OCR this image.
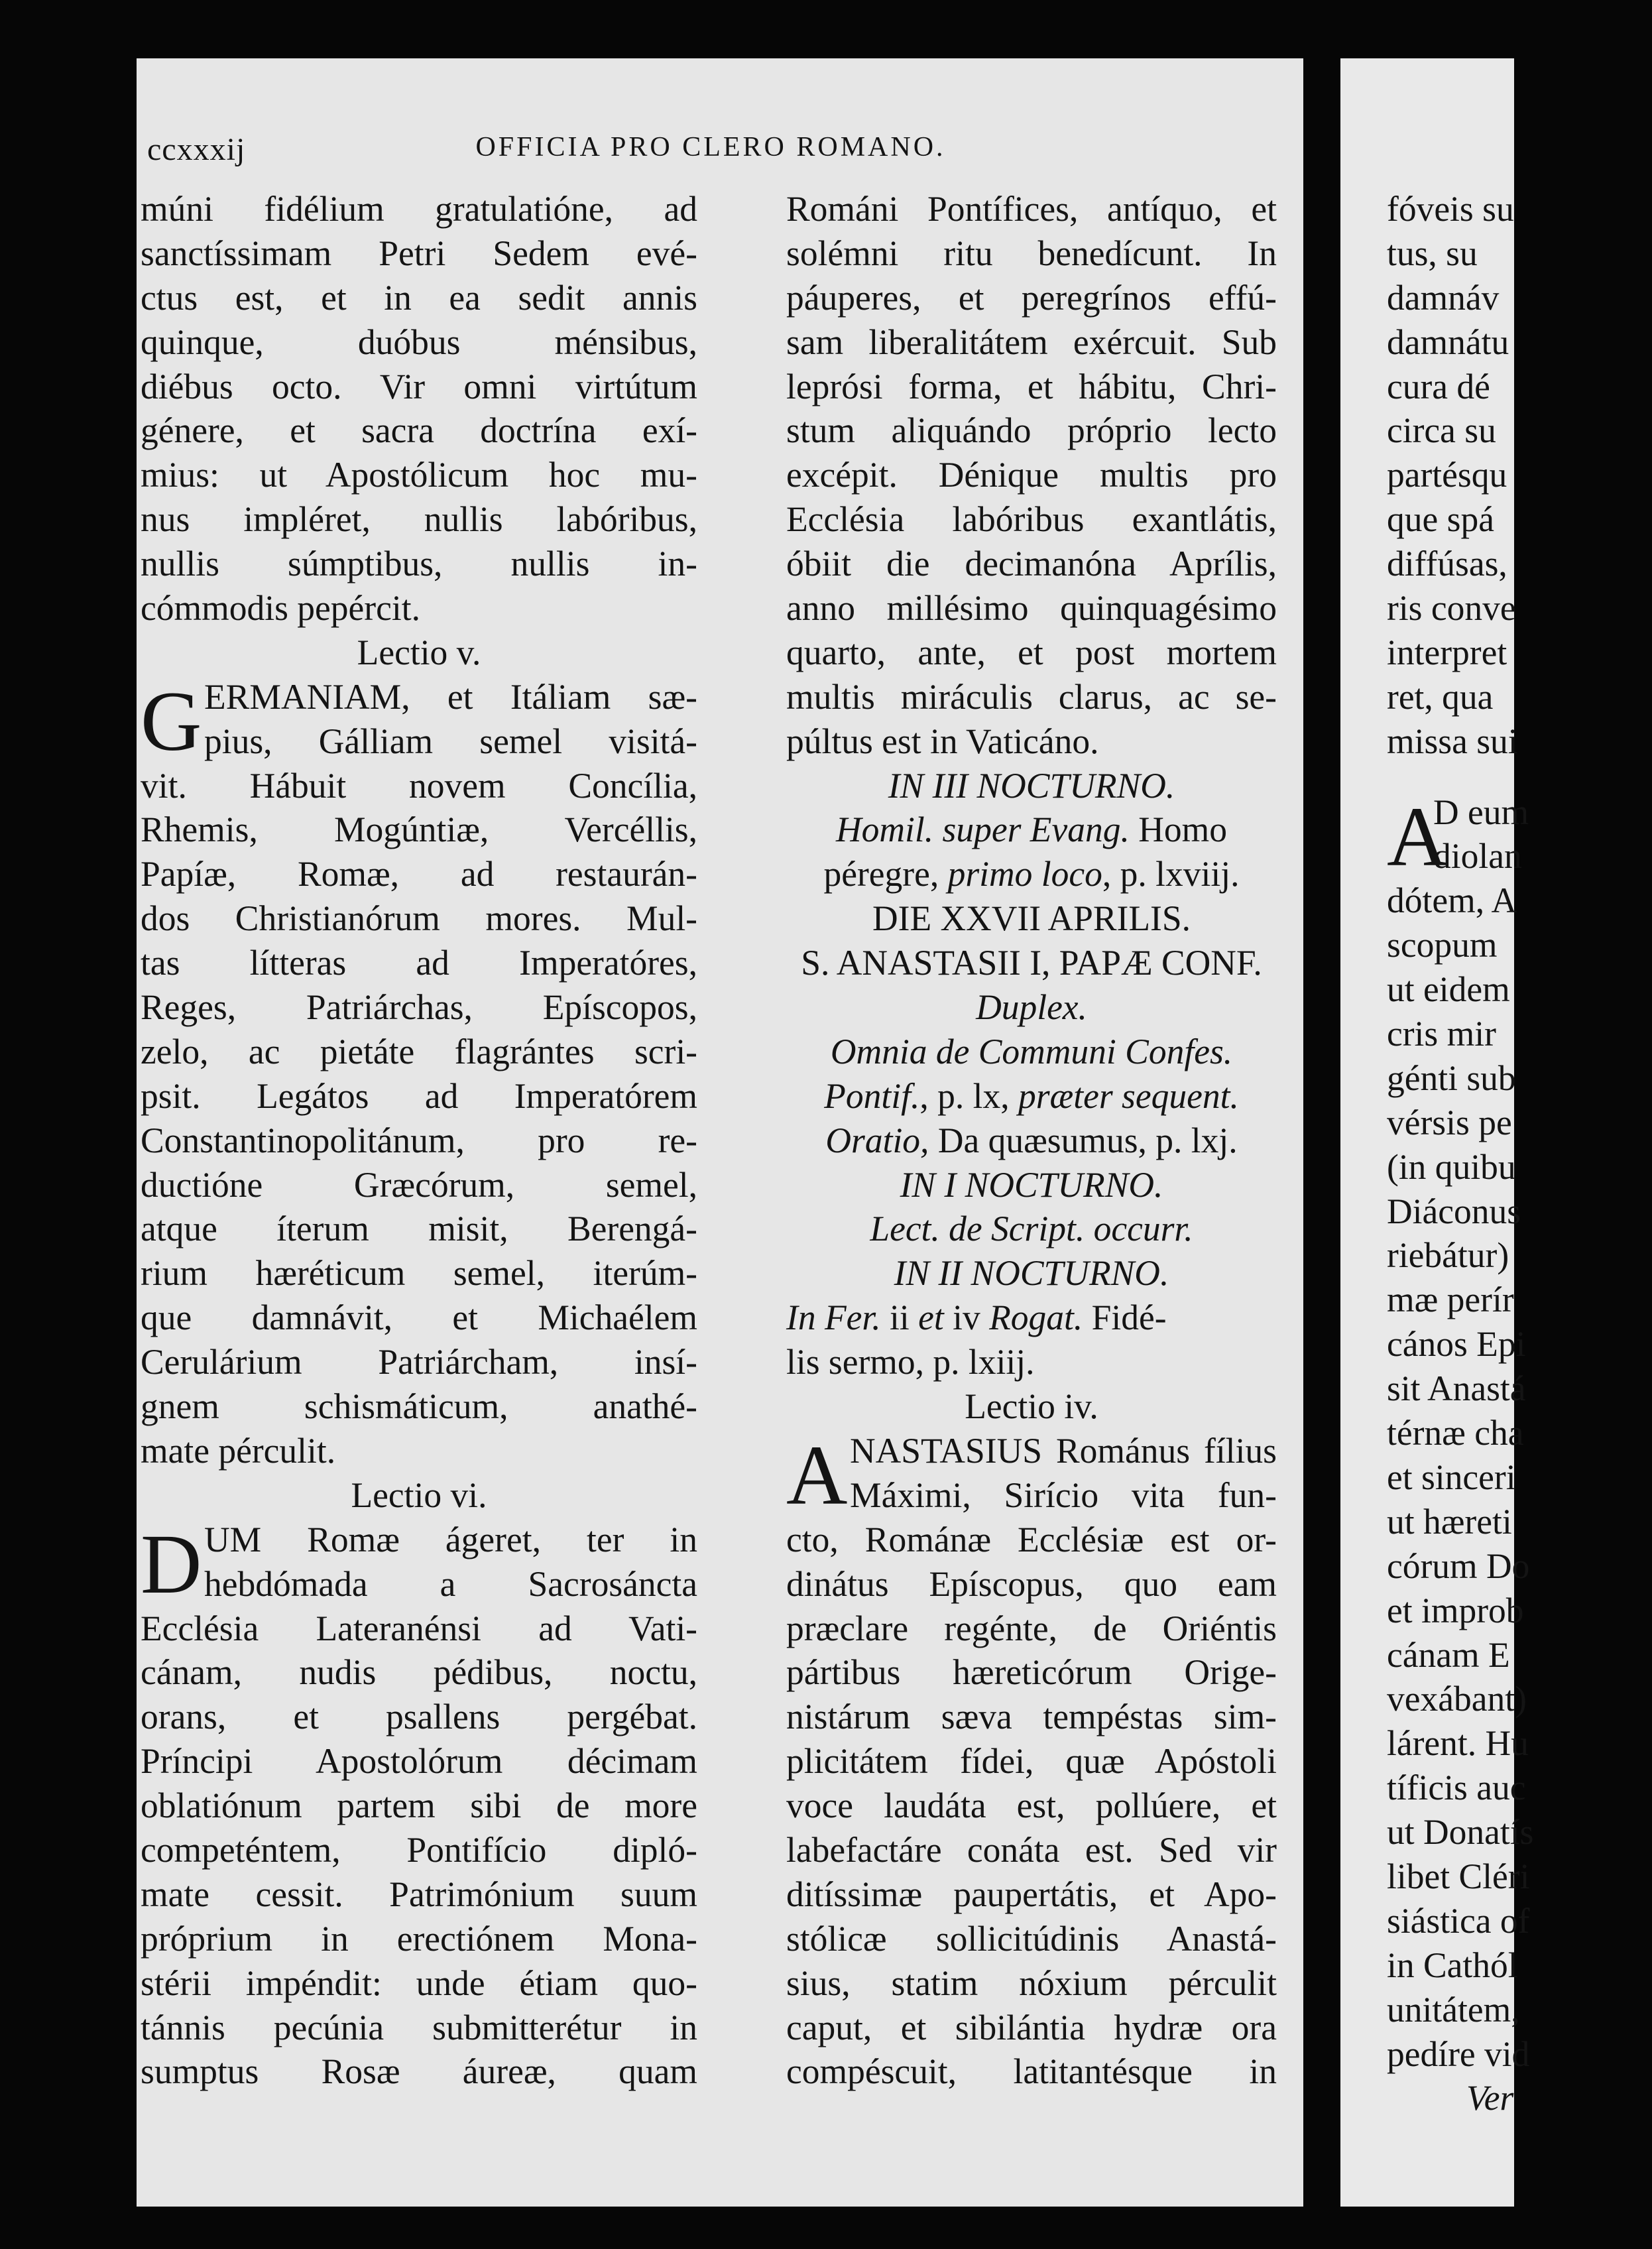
ccxxxij	OFFICIA PRO CLERO ROMANO.
múni fidélium gratulatióne, ad
sanctíssimam Petri Sedem evé-
ctus est, et in ea sedit annis
quinque, duóbus ménsibus,
diébus octo. Vir omni virtútum
génere, et sacra doctrína exí-
mius: ut Apostólicum hoc mu-
nus impléret, nullis labóribus,
nullis súmptibus, nullis in-
cómmodis pepércit.
Lectio v.
G ERMANIAM, et Itáliam sæ-
pius, Gálliam semel visitá-
vit. Hábuit novem Concília,
Rhemis, Mogúntiæ, Vercéllis,
Papíæ, Romæ, ad restaurán-
dos Christianórum mores. Mul-
tas lítteras ad Imperatóres,
Reges, Patriárchas, Epíscopos,
zelo, ac pietáte flagrántes scri-
psit. Legátos ad Imperatórem
Constantinopolitánum, pro re-
ductióne Græcórum, semel,
atque íterum misit, Berengá-
rium hæréticum semel, iterúm-
que damnávit, et Michaélem
Cerulárium Patriárcham, insí-
gnem schismáticum, anathé-
mate pérculit.
Lectio vi.
D UM Romæ ágeret, ter in
hebdómada a Sacrosáncta
Ecclésia Lateranénsi ad Vati-
cánam, nudis pédibus, noctu,
orans, et psallens pergébat.
Príncipi Apostolórum décimam
oblatiónum partem sibi de more
competéntem, Pontifício dipló-
mate cessit. Patrimónium suum
próprium in erectiónem Mona-
stérii impéndit: unde étiam quo-
tánnis pecúnia submitterétur in
sumptus Rosæ áureæ, quam
Románi Pontífices, antíquo, et
solémni ritu benedícunt. In
páuperes, et peregrínos effú-
sam liberalitátem exércuit. Sub
leprósi forma, et hábitu, Chri-
stum aliquándo próprio lecto
excépit. Dénique multis pro
Ecclésia labóribus exantlátis,
óbiit die decimanóna Aprílis,
anno millésimo quinquagésimo
quarto, ante, et post mortem
multis miráculis clarus, ac se-
púltus est in Vaticáno.
IN III NOCTURNO.
Homil. super Evang. Homo
péregre, primo loco, p. lxviij.
DIE XXVII APRILIS.
S. ANASTASII I, PAPÆ CONF.
Duplex.
Omnia de Communi Confes.
Pontif., p. lx, præter sequent.
Oratio, Da quæsumus, p. lxj.
IN I NOCTURNO.
Lect. de Script. occurr.
IN II NOCTURNO.
In Fer. ii et iv Rogat. Fidé-
lis sermo, p. lxiij.
Lectio iv.
A NASTASIUS Románus fílius
Máximi, Sirício vita fun-
cto, Románæ Ecclésiæ est or-
dinátus Epíscopus, quo eam
præclare regénte, de Oriéntis
pártibus hæreticórum Orige-
nistárum sæva tempéstas sim-
plicitátem fídei, quæ Apóstoli
voce laudáta est, pollúere, et
labefactáre conáta est. Sed vir
ditíssimæ paupertátis, et Apo-
stólicæ sollicitúdinis Anastá-
sius, statim nóxium pérculit
caput, et sibilántia hydræ ora
compéscuit, latitantésque in
fóveis su
tus, su
damnáv
damnátu
cura dé
circa su
partésqu
que spá
diffúsas,
ris conve
interpret
ret, qua
missa sui
A
D eum
diolan
dótem, A
scopum
ut eidem
cris mir
génti sub
vérsis pe
(in quibu
Diáconus
riebátur)
mæ perír
cános Epi
sit Anastá
térnæ cha
et sinceri
ut hæreti
córum Do
et improb
cánam E
vexábant)
lárent. Hu
tíficis auc
ut Donatís
libet Cléri
siástica of
in Cathól
unitátem,
pedíre vid
Ver
